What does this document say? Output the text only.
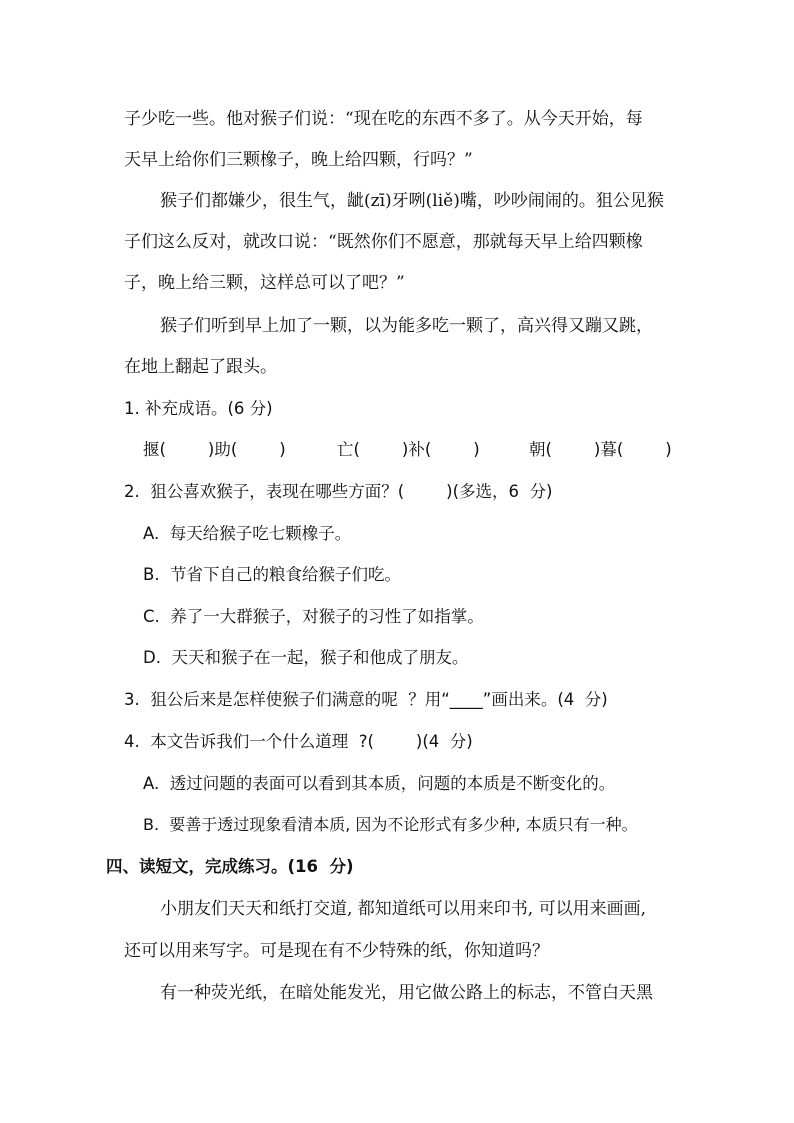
子少吃一些。他对猴子们说：“现在吃的东西不多了。从今天开始，每
天早上给你们三颗橡子，晚上给四颗，行吗？”
猴子们都嫌少，很生气，龇(zī)牙咧(liě)嘴，吵吵闹闹的。狙公见猴
子们这么反对，就改口说：“既然你们不愿意，那就每天早上给四颗橡
子，晚上给三颗，这样总可以了吧？”
猴子们听到早上加了一颗，以为能多吃一颗了，高兴得又蹦又跳，
在地上翻起了跟头。
1. 补充成语。(6 分)
揠(        )助(        )	亡(        )补(        )	朝(        )暮(        )
2.  狙公喜欢猴子，表现在哪些方面？(        )(多选，6  分)
A.  每天给猴子吃七颗橡子。
B.  节省下自己的粮食给猴子们吃。
C.  养了一大群猴子，对猴子的习性了如指掌。
D.  天天和猴子在一起，猴子和他成了朋友。
3.  狙公后来是怎样使猴子们满意的呢  ？用“____”画出来。(4  分)
4.  本文告诉我们一个什么道理  ?(        )(4  分)
A.  透过问题的表面可以看到其本质，问题的本质是不断变化的。
B.  要善于透过现象看清本质, 因为不论形式有多少种, 本质只有一种。
四、读短文，完成练习。(16  分)
小朋友们天天和纸打交道, 都知道纸可以用来印书, 可以用来画画,
还可以用来写字。可是现在有不少特殊的纸，你知道吗？
有一种荧光纸，在暗处能发光，用它做公路上的标志，不管白天黑
